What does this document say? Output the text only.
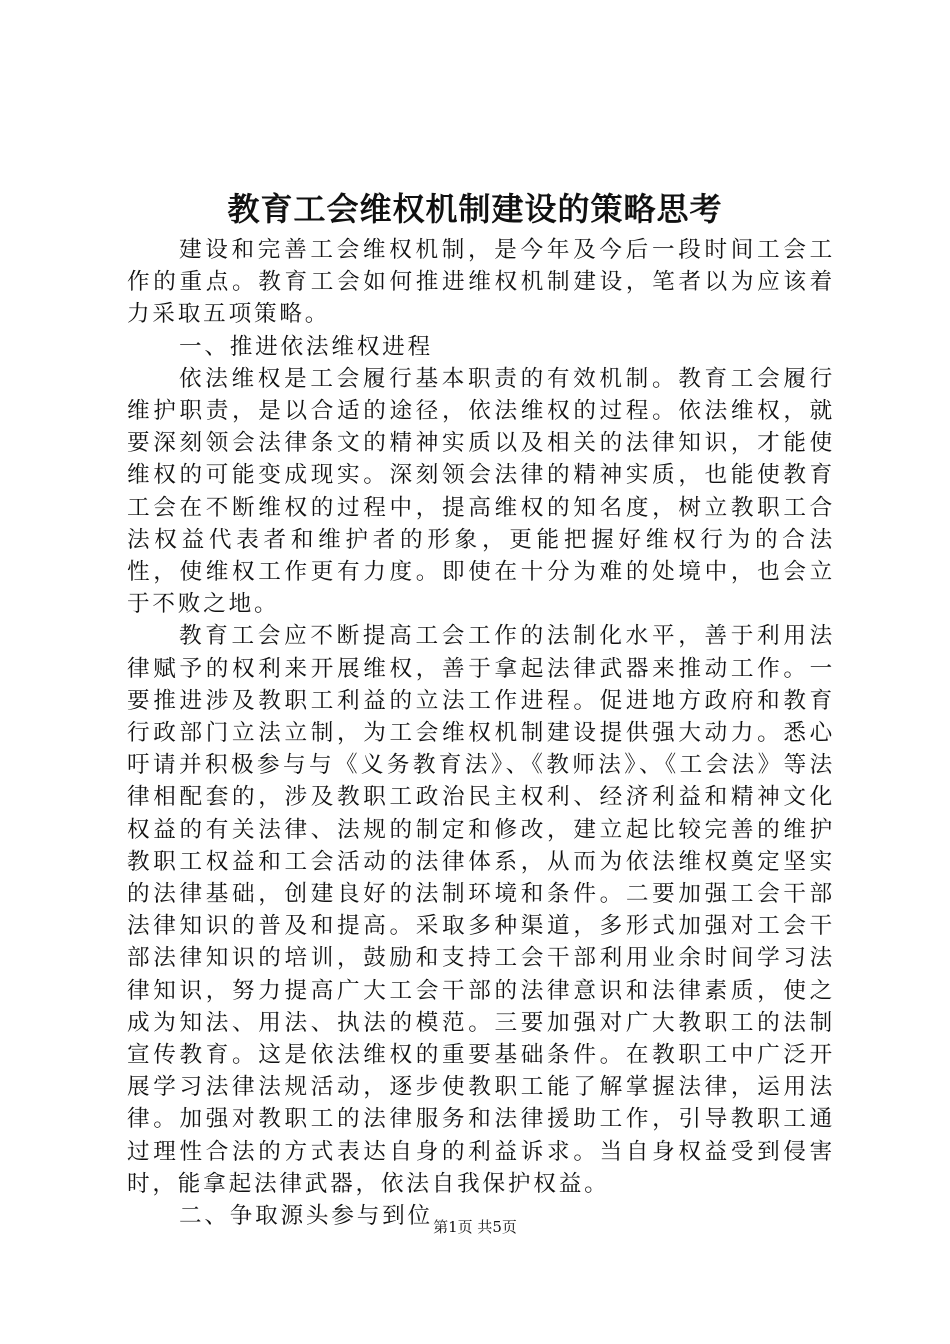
教育工会维权机制建设的策略思考

建设和完善工会维权机制，是今年及今后一段时间工会工作的重点。教育工会如何推进维权机制建设，笔者以为应该着力采取五项策略。

一、推进依法维权进程

依法维权是工会履行基本职责的有效机制。教育工会履行维护职责，是以合适的途径，依法维权的过程。依法维权，就要深刻领会法律条文的精神实质以及相关的法律知识，才能使维权的可能变成现实。深刻领会法律的精神实质，也能使教育工会在不断维权的过程中，提高维权的知名度，树立教职工合法权益代表者和维护者的形象，更能把握好维权行为的合法性，使维权工作更有力度。即使在十分为难的处境中，也会立于不败之地。

教育工会应不断提高工会工作的法制化水平，善于利用法律赋予的权利来开展维权，善于拿起法律武器来推动工作。一要推进涉及教职工利益的立法工作进程。促进地方政府和教育行政部门立法立制，为工会维权机制建设提供强大动力。悉心吁请并积极参与与《义务教育法》、《教师法》、《工会法》等法律相配套的，涉及教职工政治民主权利、经济利益和精神文化权益的有关法律、法规的制定和修改，建立起比较完善的维护教职工权益和工会活动的法律体系，从而为依法维权奠定坚实的法律基础，创建良好的法制环境和条件。二要加强工会干部法律知识的普及和提高。采取多种渠道，多形式加强对工会干部法律知识的培训，鼓励和支持工会干部利用业余时间学习法律知识，努力提高广大工会干部的法律意识和法律素质，使之成为知法、用法、执法的模范。三要加强对广大教职工的法制宣传教育。这是依法维权的重要基础条件。在教职工中广泛开展学习法律法规活动，逐步使教职工能了解掌握法律，运用法律。加强对教职工的法律服务和法律援助工作，引导教职工通过理性合法的方式表达自身的利益诉求。当自身权益受到侵害时，能拿起法律武器，依法自我保护权益。

二、争取源头参与到位 第1页 共5页
